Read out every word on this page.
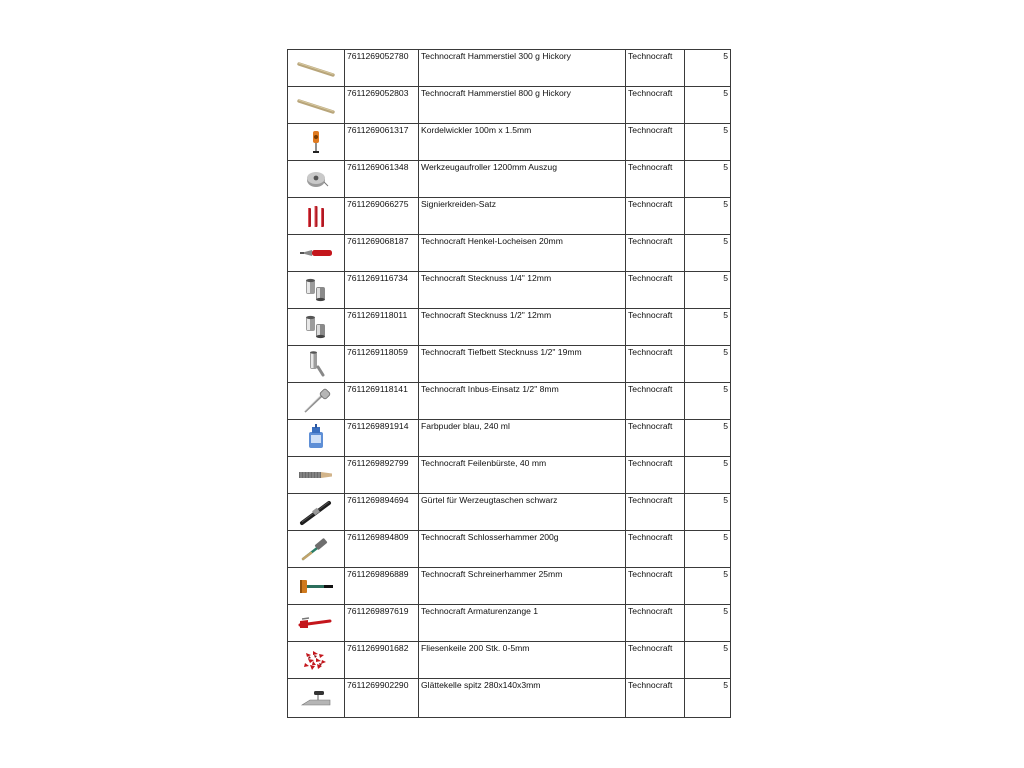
	7611269052780	Technocraft Hammerstiel 300 g Hickory	Technocraft	5

	7611269052803	Technocraft Hammerstiel 800 g Hickory	Technocraft	5

	7611269061317	Kordelwickler 100m x 1.5mm	Technocraft	5

	7611269061348	Werkzeugaufroller 1200mm Auszug	Technocraft	5

	7611269066275	Signierkreiden-Satz	Technocraft	5

	7611269068187	Technocraft Henkel-Locheisen 20mm	Technocraft	5

	7611269116734	Technocraft Stecknuss 1/4" 12mm	Technocraft	5

	7611269118011	Technocraft Stecknuss 1/2" 12mm	Technocraft	5

	7611269118059	Technocraft Tiefbett Stecknuss 1/2" 19mm	Technocraft	5

	7611269118141	Technocraft Inbus-Einsatz 1/2" 8mm	Technocraft	5

	7611269891914	Farbpuder blau, 240 ml	Technocraft	5

	7611269892799	Technocraft Feilenbürste, 40 mm	Technocraft	5

	7611269894694	Gürtel für Werzeugtaschen schwarz	Technocraft	5

	7611269894809	Technocraft Schlosserhammer 200g	Technocraft	5

	7611269896889	Technocraft Schreinerhammer 25mm	Technocraft	5

	7611269897619	Technocraft Armaturenzange 1	Technocraft	5

	7611269901682	Fliesenkeile 200 Stk. 0-5mm	Technocraft	5

	7611269902290	Glättekelle spitz 280x140x3mm	Technocraft	5
